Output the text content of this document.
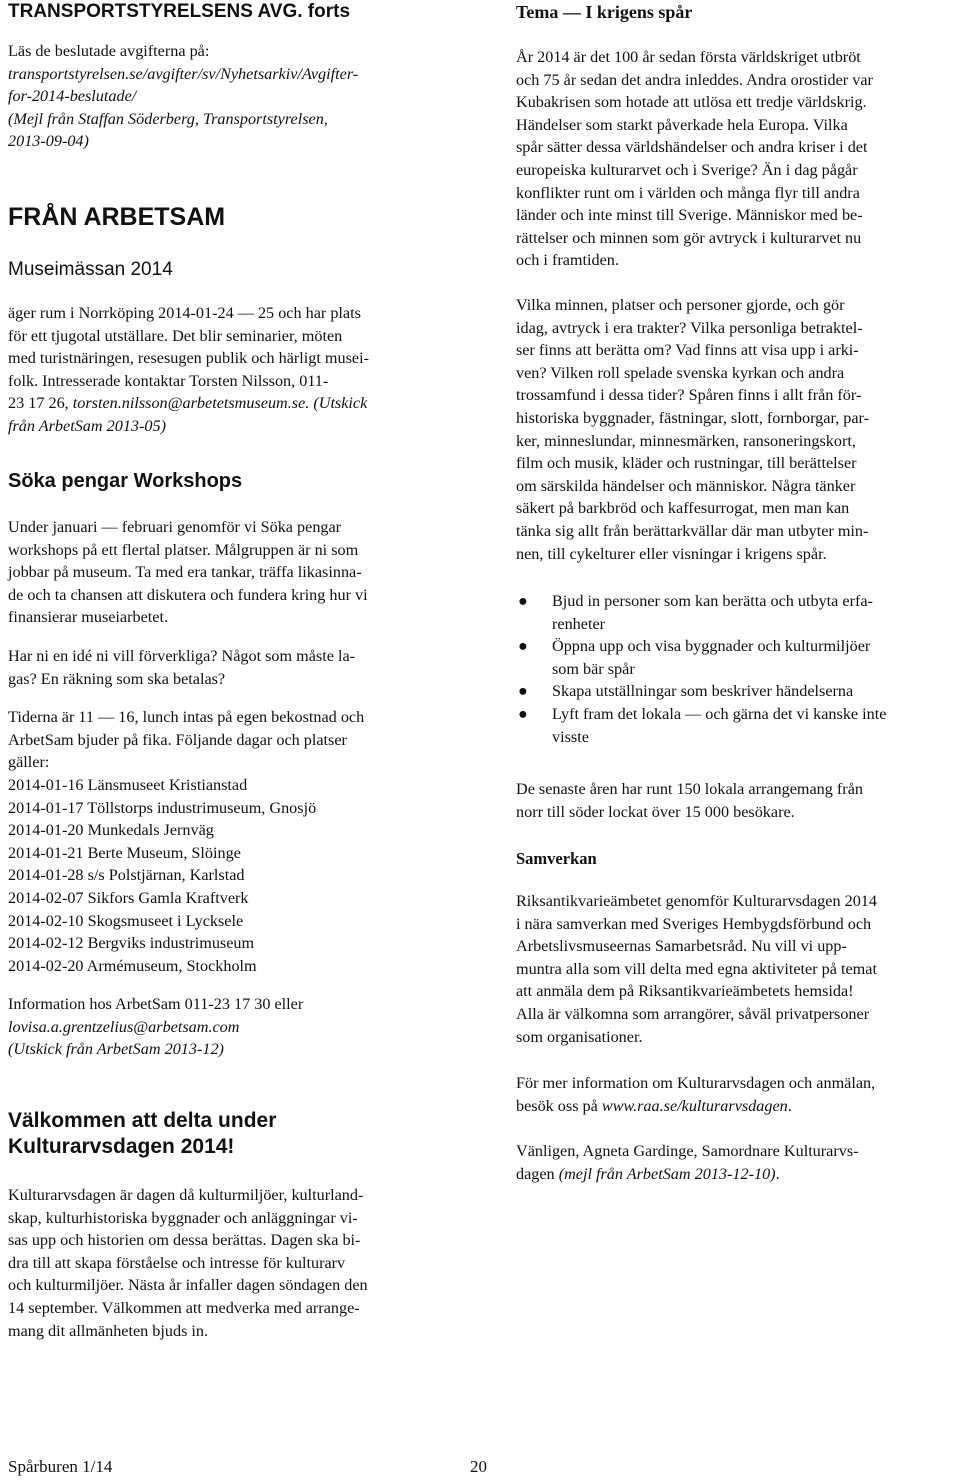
TRANSPORTSTYRELSENS AVG. forts

Läs de beslutade avgifterna på:

transportstyrelsen.se/avgifter/sv/Nyhetsarkiv/Avgifter-

for-2014-beslutade/

(Mejl från Staffan Söderberg, Transportstyrelsen,

2013-09-04)

FRÅN ARBETSAM
Museimässan 2014

äger rum i Norrköping 2014-01-24 — 25 och har plats

för ett tjugotal utställare. Det blir seminarier, möten

med turistnäringen, resesugen publik och härligt musei-

folk. Intresserade kontaktar Torsten Nilsson, 011-

23 17 26, torsten.nilsson@arbetetsmuseum.se. (Utskick

från ArbetSam 2013-05)

Söka pengar Workshops

Under januari — februari genomför vi Söka pengar

workshops på ett flertal platser. Målgruppen är ni som

jobbar på museum. Ta med era tankar, träffa likasinna-

de och ta chansen att diskutera och fundera kring hur vi

finansierar museiarbetet.

Har ni en idé ni vill förverkliga? Något som måste la-

gas? En räkning som ska betalas?

Tiderna är 11 — 16, lunch intas på egen bekostnad och

ArbetSam bjuder på fika. Följande dagar och platser

gäller:

2014-01-16 Länsmuseet Kristianstad

2014-01-17 Töllstorps industrimuseum, Gnosjö

2014-01-20 Munkedals Jernväg

2014-01-21 Berte Museum, Slöinge

2014-01-28 s/s Polstjärnan, Karlstad

2014-02-07 Sikfors Gamla Kraftverk

2014-02-10 Skogsmuseet i Lycksele

2014-02-12 Bergviks industrimuseum

2014-02-20 Armémuseum, Stockholm

Information hos ArbetSam 011-23 17 30 eller

lovisa.a.grentzelius@arbetsam.com

(Utskick från ArbetSam 2013-12)

Välkommen att delta under
Kulturarvsdagen 2014!

Kulturarvsdagen är dagen då kulturmiljöer, kulturland-

skap, kulturhistoriska byggnader och anläggningar vi-

sas upp och historien om dessa berättas. Dagen ska bi-

dra till att skapa förståelse och intresse för kulturarv

och kulturmiljöer. Nästa år infaller dagen söndagen den

14 september. Välkommen att medverka med arrange-

mang dit allmänheten bjuds in.

Tema — I krigens spår

År 2014 är det 100 år sedan första världskriget utbröt

och 75 år sedan det andra inleddes. Andra orostider var

Kubakrisen som hotade att utlösa ett tredje världskrig.

Händelser som starkt påverkade hela Europa. Vilka

spår sätter dessa världshändelser och andra kriser i det

europeiska kulturarvet och i Sverige? Än i dag pågår

konflikter runt om i världen och många flyr till andra

länder och inte minst till Sverige. Människor med be-

rättelser och minnen som gör avtryck i kulturarvet nu

och i framtiden.

Vilka minnen, platser och personer gjorde, och gör

idag, avtryck i era trakter? Vilka personliga betraktel-

ser finns att berätta om? Vad finns att visa upp i arki-

ven? Vilken roll spelade svenska kyrkan och andra

trossamfund i dessa tider? Spåren finns i allt från för-

historiska byggnader, fästningar, slott, fornborgar, par-

ker, minneslundar, minnesmärken, ransoneringskort,

film och musik, kläder och rustningar, till berättelser

om särskilda händelser och människor. Några tänker

säkert på barkbröd och kaffesurrogat, men man kan

tänka sig allt från berättarkvällar där man utbyter min-

nen, till cykelturer eller visningar i krigens spår.

● Bjud in personer som kan berätta och utbyta erfa-
renheter
● Öppna upp och visa byggnader och kulturmiljöer
som bär spår
● Skapa utställningar som beskriver händelserna
● Lyft fram det lokala — och gärna det vi kanske inte
visste

De senaste åren har runt 150 lokala arrangemang från

norr till söder lockat över 15 000 besökare.

Samverkan

Riksantikvarieämbetet genomför Kulturarvsdagen 2014

i nära samverkan med Sveriges Hembygdsförbund och

Arbetslivsmuseernas Samarbetsråd. Nu vill vi upp-

muntra alla som vill delta med egna aktiviteter på temat

att anmäla dem på Riksantikvarieämbetets hemsida!

Alla är välkomna som arrangörer, såväl privatpersoner

som organisationer.

För mer information om Kulturarvsdagen och anmälan,

besök oss på www.raa.se/kulturarvsdagen.

Vänligen, Agneta Gardinge, Samordnare Kulturarvs-

dagen (mejl från ArbetSam 2013-12-10).

Spårburen 1/14	20
